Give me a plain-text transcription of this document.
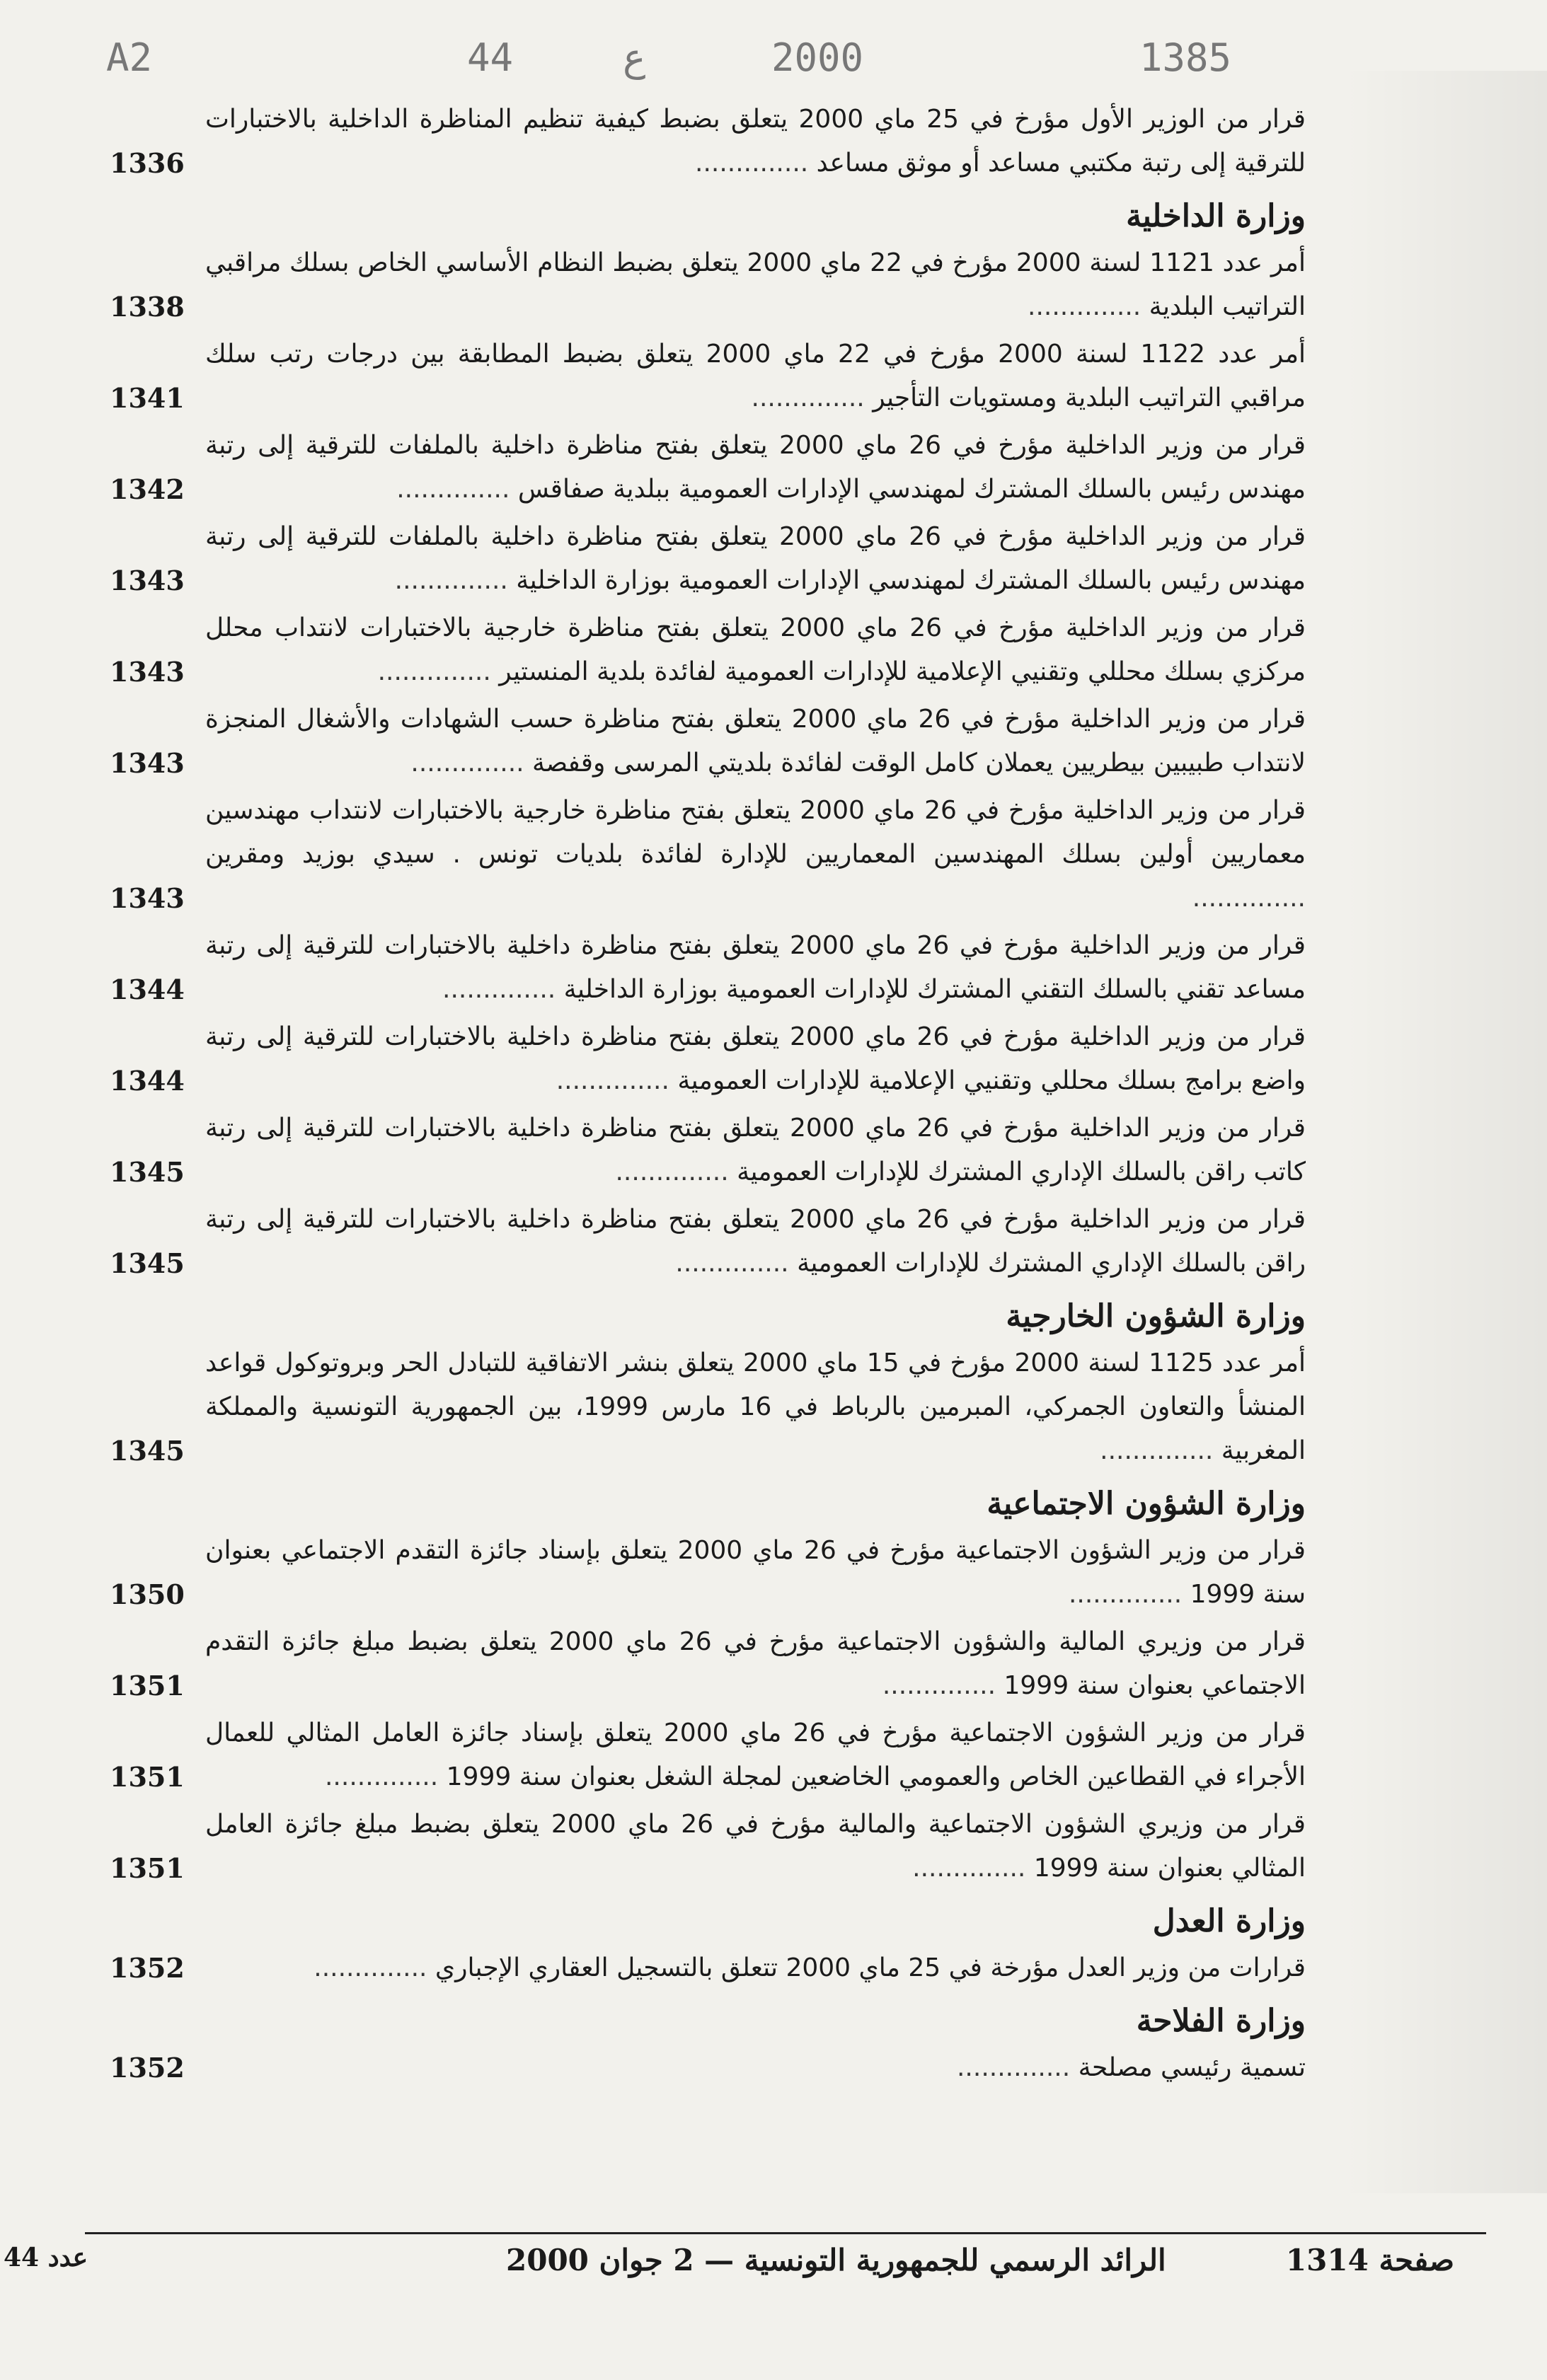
A2	44	ع	2000	1385
قرار من الوزير الأول مؤرخ في 25 ماي 2000 يتعلق بضبط كيفية تنظيم المناظرة الداخلية بالاختبارات للترقية إلى رتبة مكتبي مساعد أو موثق مساعد ..............
1336
وزارة الداخلية
أمر عدد 1121 لسنة 2000 مؤرخ في 22 ماي 2000 يتعلق بضبط النظام الأساسي الخاص بسلك مراقبي التراتيب البلدية ..............
1338
أمر عدد 1122 لسنة 2000 مؤرخ في 22 ماي 2000 يتعلق بضبط المطابقة بين درجات رتب سلك مراقبي التراتيب البلدية ومستويات التأجير ..............
1341
قرار من وزير الداخلية مؤرخ في 26 ماي 2000 يتعلق بفتح مناظرة داخلية بالملفات للترقية إلى رتبة مهندس رئيس بالسلك المشترك لمهندسي الإدارات العمومية ببلدية صفاقس ..............
1342
قرار من وزير الداخلية مؤرخ في 26 ماي 2000 يتعلق بفتح مناظرة داخلية بالملفات للترقية إلى رتبة مهندس رئيس بالسلك المشترك لمهندسي الإدارات العمومية بوزارة الداخلية ..............
1343
قرار من وزير الداخلية مؤرخ في 26 ماي 2000 يتعلق بفتح مناظرة خارجية بالاختبارات لانتداب محلل مركزي بسلك محللي وتقنيي الإعلامية للإدارات العمومية لفائدة بلدية المنستير ..............
1343
قرار من وزير الداخلية مؤرخ في 26 ماي 2000 يتعلق بفتح مناظرة حسب الشهادات والأشغال المنجزة لانتداب طبيبين بيطريين يعملان كامل الوقت لفائدة بلديتي المرسى وقفصة ..............
1343
قرار من وزير الداخلية مؤرخ في 26 ماي 2000 يتعلق بفتح مناظرة خارجية بالاختبارات لانتداب مهندسين معماريين أولين بسلك المهندسين المعماريين للإدارة لفائدة بلديات تونس . سيدي بوزيد ومقرين ..............
1343
قرار من وزير الداخلية مؤرخ في 26 ماي 2000 يتعلق بفتح مناظرة داخلية بالاختبارات للترقية إلى رتبة مساعد تقني بالسلك التقني المشترك للإدارات العمومية بوزارة الداخلية ..............
1344
قرار من وزير الداخلية مؤرخ في 26 ماي 2000 يتعلق بفتح مناظرة داخلية بالاختبارات للترقية إلى رتبة واضع برامج بسلك محللي وتقنيي الإعلامية للإدارات العمومية ..............
1344
قرار من وزير الداخلية مؤرخ في 26 ماي 2000 يتعلق بفتح مناظرة داخلية بالاختبارات للترقية إلى رتبة كاتب راقن بالسلك الإداري المشترك للإدارات العمومية ..............
1345
قرار من وزير الداخلية مؤرخ في 26 ماي 2000 يتعلق بفتح مناظرة داخلية بالاختبارات للترقية إلى رتبة راقن بالسلك الإداري المشترك للإدارات العمومية ..............
1345
وزارة الشؤون الخارجية
أمر عدد 1125 لسنة 2000 مؤرخ في 15 ماي 2000 يتعلق بنشر الاتفاقية للتبادل الحر وبروتوكول قواعد المنشأ والتعاون الجمركي، المبرمين بالرباط في 16 مارس 1999، بين الجمهورية التونسية والمملكة المغربية ..............
1345
وزارة الشؤون الاجتماعية
قرار من وزير الشؤون الاجتماعية مؤرخ في 26 ماي 2000 يتعلق بإسناد جائزة التقدم الاجتماعي بعنوان سنة 1999 ..............
1350
قرار من وزيري المالية والشؤون الاجتماعية مؤرخ في 26 ماي 2000 يتعلق بضبط مبلغ جائزة التقدم الاجتماعي بعنوان سنة 1999 ..............
1351
قرار من وزير الشؤون الاجتماعية مؤرخ في 26 ماي 2000 يتعلق بإسناد جائزة العامل المثالي للعمال الأجراء في القطاعين الخاص والعمومي الخاضعين لمجلة الشغل بعنوان سنة 1999 ..............
1351
قرار من وزيري الشؤون الاجتماعية والمالية مؤرخ في 26 ماي 2000 يتعلق بضبط مبلغ جائزة العامل المثالي بعنوان سنة 1999 ..............
1351
وزارة العدل
قرارات من وزير العدل مؤرخة في 25 ماي 2000 تتعلق بالتسجيل العقاري الإجباري ..............
1352
وزارة الفلاحة
تسمية رئيسي مصلحة ..............
1352
صفحة 1314
الرائد الرسمي للجمهورية التونسية — 2 جوان 2000
عدد 44
